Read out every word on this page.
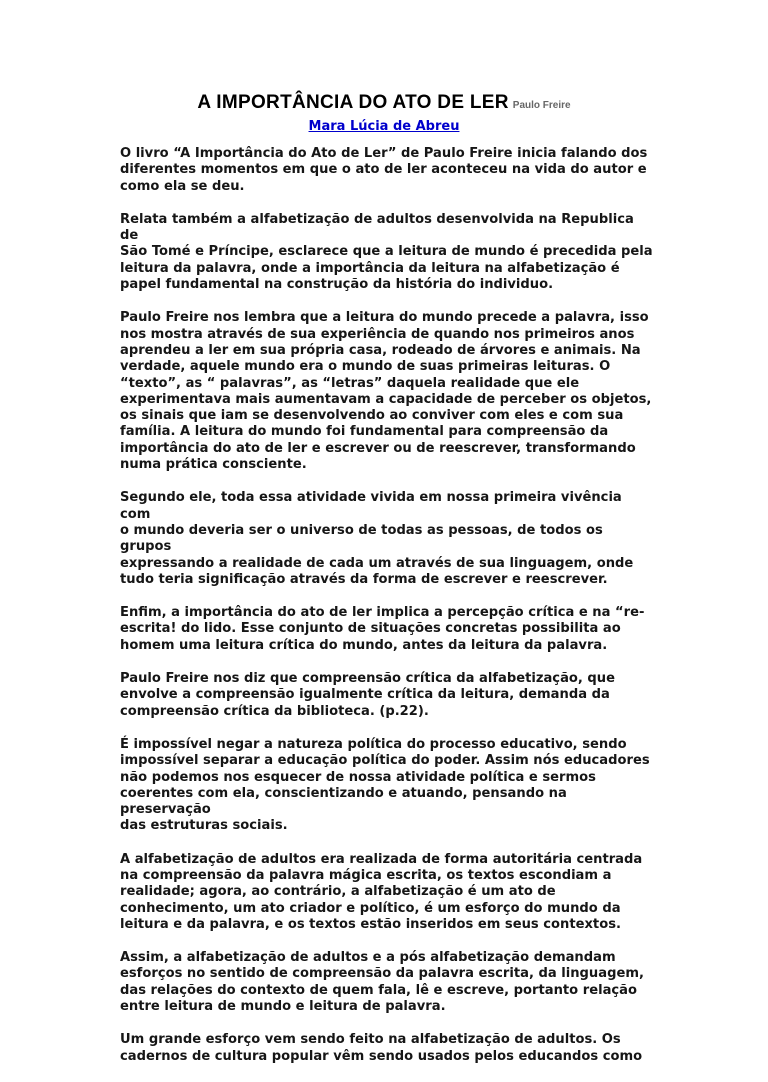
A IMPORTÂNCIA DO ATO DE LER Paulo Freire
Mara Lúcia de Abreu

O livro “A Importância do Ato de Ler” de Paulo Freire inicia falando dos
diferentes momentos em que o ato de ler aconteceu na vida do autor e
como ela se deu.

Relata também a alfabetização de adultos desenvolvida na Republica de
São Tomé e Príncipe, esclarece que a leitura de mundo é precedida pela
leitura da palavra, onde a importância da leitura na alfabetização é
papel fundamental na construção da história do individuo.

Paulo Freire nos lembra que a leitura do mundo precede a palavra, isso
nos mostra através de sua experiência de quando nos primeiros anos
aprendeu a ler em sua própria casa, rodeado de árvores e animais. Na
verdade, aquele mundo era o mundo de suas primeiras leituras. O
“texto”, as “ palavras”, as “letras” daquela realidade que ele
experimentava mais aumentavam a capacidade de perceber os objetos,
os sinais que iam se desenvolvendo ao conviver com eles e com sua
família. A leitura do mundo foi fundamental para compreensão da
importância do ato de ler e escrever ou de reescrever, transformando
numa prática consciente.

Segundo ele, toda essa atividade vivida em nossa primeira vivência com
o mundo deveria ser o universo de todas as pessoas, de todos os grupos
expressando a realidade de cada um através de sua linguagem, onde
tudo teria significação através da forma de escrever e reescrever.

Enfim, a importância do ato de ler implica a percepção crítica e na “re-
escrita! do lido. Esse conjunto de situações concretas possibilita ao
homem uma leitura crítica do mundo, antes da leitura da palavra.

Paulo Freire nos diz que compreensão crítica da alfabetização, que
envolve a compreensão igualmente crítica da leitura, demanda da
compreensão crítica da biblioteca. (p.22).

É impossível negar a natureza política do processo educativo, sendo
impossível separar a educação política do poder. Assim nós educadores
não podemos nos esquecer de nossa atividade política e sermos
coerentes com ela, conscientizando e atuando, pensando na preservação
das estruturas sociais.

A alfabetização de adultos era realizada de forma autoritária centrada
na compreensão da palavra mágica escrita, os textos escondiam a
realidade; agora, ao contrário, a alfabetização é um ato de
conhecimento, um ato criador e político, é um esforço do mundo da
leitura e da palavra, e os textos estão inseridos em seus contextos.

Assim, a alfabetização de adultos e a pós alfabetização demandam
esforços no sentido de compreensão da palavra escrita, da linguagem,
das relações do contexto de quem fala, lê e escreve, portanto relação
entre leitura de mundo e leitura de palavra.

Um grande esforço vem sendo feito na alfabetização de adultos. Os
cadernos de cultura popular vêm sendo usados pelos educandos como
